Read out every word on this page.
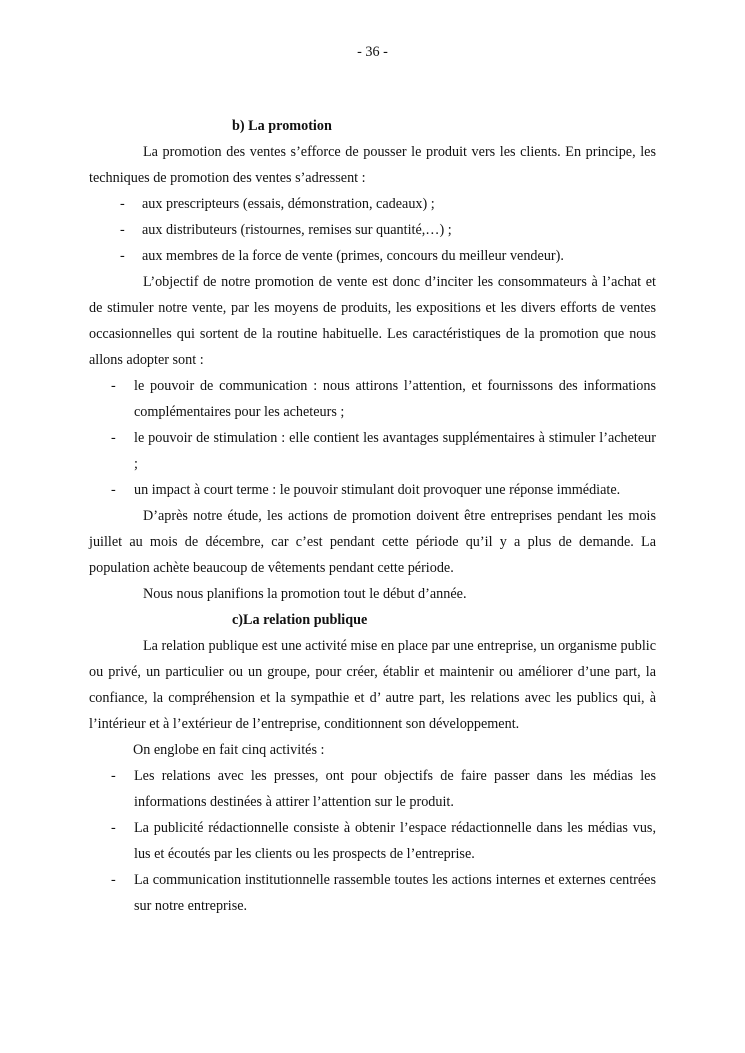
- 36 -
b) La promotion

La promotion des ventes s’efforce de pousser le produit vers les clients. En principe, les techniques de promotion des ventes s’adressent :

- aux prescripteurs (essais, démonstration, cadeaux) ;

- aux distributeurs (ristournes, remises sur quantité,…) ;

- aux membres de la force de vente (primes, concours du meilleur vendeur).

L’objectif de notre promotion de vente est donc d’inciter les consommateurs à l’achat et de stimuler notre vente, par les moyens de produits, les expositions et les divers efforts de ventes occasionnelles qui sortent de la routine habituelle. Les caractéristiques de la promotion que nous allons adopter sont :

- le pouvoir de communication : nous attirons l’attention, et fournissons des informations complémentaires pour les acheteurs ;

- le pouvoir de stimulation : elle contient les avantages supplémentaires à stimuler l’acheteur ;

- un impact à court terme : le pouvoir stimulant doit provoquer une réponse immédiate.

D’après notre étude, les actions de promotion doivent être entreprises pendant les mois juillet au mois de décembre, car c’est pendant cette période qu’il y a plus de demande. La population achète beaucoup de vêtements pendant cette période.

Nous nous planifions la promotion tout le début d’année.

c)La relation publique

La relation publique est une activité mise en place par une entreprise, un organisme public ou privé, un particulier ou un groupe, pour créer, établir et maintenir ou améliorer d’une part, la confiance, la compréhension et la sympathie et d’ autre part, les relations avec les publics qui, à l’intérieur et à l’extérieur de l’entreprise, conditionnent son développement.

On englobe en fait cinq activités :

- Les relations avec les presses, ont pour objectifs de faire passer dans les médias les informations destinées à attirer l’attention sur le produit.

- La publicité rédactionnelle consiste à obtenir l’espace rédactionnelle dans les médias vus, lus et écoutés par les clients ou les prospects de l’entreprise.

- La communication institutionnelle rassemble toutes les actions internes et externes centrées sur notre entreprise.
